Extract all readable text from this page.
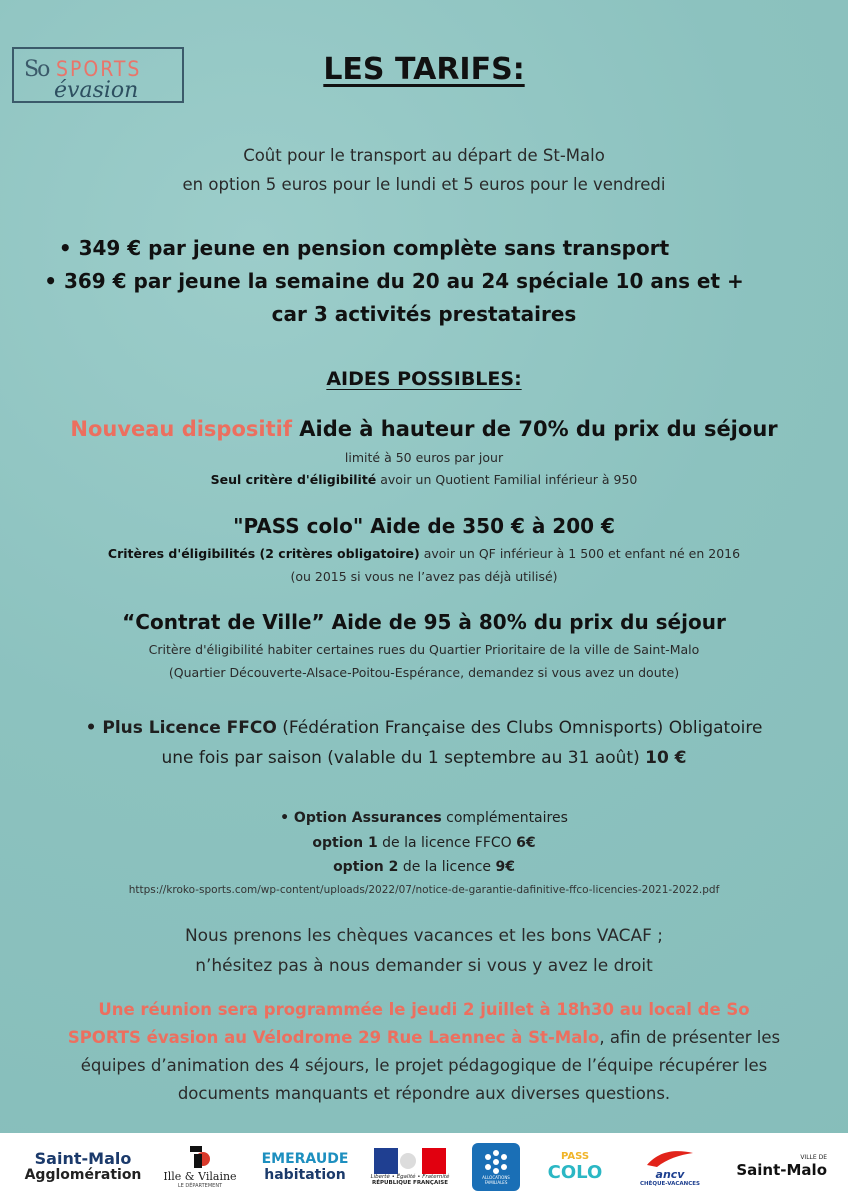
So SPORTS
évasion
LES TARIFS:
Coût pour le transport au départ de St-Malo
en option 5 euros pour le lundi et 5 euros pour le vendredi
• 349 € par jeune en pension complète sans transport
• 369 € par jeune la semaine du 20 au 24 spéciale 10 ans et +
car 3 activités prestataires
AIDES POSSIBLES:
Nouveau dispositif Aide à hauteur de 70% du prix du séjour
limité à 50 euros par jour
Seul critère d'éligibilité avoir un Quotient Familial inférieur à 950
"PASS colo" Aide de 350 € à 200 €
Critères d'éligibilités (2 critères obligatoire) avoir un QF inférieur à 1 500 et enfant né en 2016
(ou 2015 si vous ne l’avez pas déjà utilisé)
“Contrat de Ville” Aide de 95 à 80% du prix du séjour
Critère d'éligibilité habiter certaines rues du Quartier Prioritaire de la ville de Saint-Malo
(Quartier Découverte-Alsace-Poitou-Espérance, demandez si vous avez un doute)
• Plus Licence FFCO (Fédération Française des Clubs Omnisports) Obligatoire
une fois par saison (valable du 1 septembre au 31 août) 10 €
• Option Assurances complémentaires
option 1 de la licence FFCO 6€
option 2 de la licence 9€
https://kroko-sports.com/wp-content/uploads/2022/07/notice-de-garantie-dafinitive-ffco-licencies-2021-2022.pdf
Nous prenons les chèques vacances et les bons VACAF ;
n’hésitez pas à nous demander si vous y avez le droit
Une réunion sera programmée le jeudi 2 juillet à 18h30 au local de So
SPORTS évasion au Vélodrome 29 Rue Laennec à St-Malo, afin de présenter les
équipes d’animation des 4 séjours, le projet pédagogique de l’équipe récupérer les
documents manquants et répondre aux diverses questions.
Saint-Malo
Agglomération Ille & Vilaine
LE DÉPARTEMENT
EMERAUDE
habitation	Liberté • Égalité • Fraternité
RÉPUBLIQUE FRANÇAISE
ALLOCATIONS FAMILIALES
PASS
COLO	ancv
CHÈQUE-VACANCES
VILLE DE
Saint-Malo
